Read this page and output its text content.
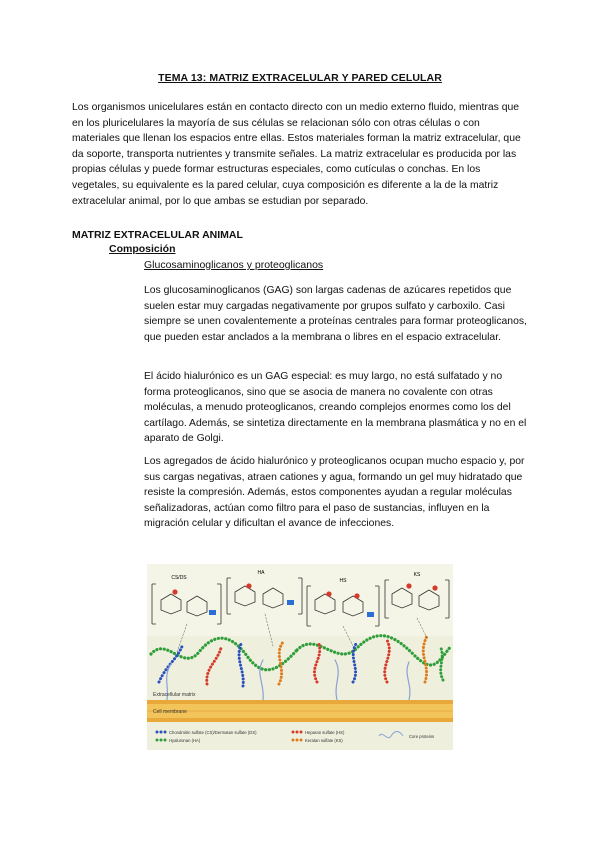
TEMA 13: MATRIZ EXTRACELULAR Y PARED CELULAR

Los organismos unicelulares están en contacto directo con un medio externo fluido, mientras que en los pluricelulares la mayoría de sus células se relacionan sólo con otras células o con materiales que llenan los espacios entre ellas. Estos materiales forman la matriz extracelular, que da soporte, transporta nutrientes y transmite señales. La matriz extracelular es producida por las propias células y puede formar estructuras especiales, como cutículas o conchas. En los vegetales, su equivalente es la pared celular, cuya composición es diferente a la de la matriz extracelular animal, por lo que ambas se estudian por separado.

MATRIZ EXTRACELULAR ANIMAL
Composición
Glucosaminoglicanos y proteoglicanos

Los glucosaminoglicanos (GAG) son largas cadenas de azúcares repetidos que suelen estar muy cargadas negativamente por grupos sulfato y carboxilo. Casi siempre se unen covalentemente a proteínas centrales para formar proteoglicanos, que pueden estar anclados a la membrana o libres en el espacio extracelular.

El ácido hialurónico es un GAG especial: es muy largo, no está sulfatado y no forma proteoglicanos, sino que se asocia de manera no covalente con otras moléculas, a menudo proteoglicanos, creando complejos enormes como los del cartílago. Además, se sintetiza directamente en la membrana plasmática y no en el aparato de Golgi.

Los agregados de ácido hialurónico y proteoglicanos ocupan mucho espacio y, por sus cargas negativas, atraen cationes y agua, formando un gel muy hidratado que resiste la compresión. Además, estos componentes ayudan a regular moléculas señalizadoras, actúan como filtro para el paso de sustancias, influyen en la migración celular y dificultan el avance de infecciones.

CS/DS
HA
HS
KS
Extracellular matrix
Cell membrane
Chondroitin sulfate (CS)/Dermatan sulfate (DS)
Hyaluronan (HA)
Heparan sulfate (HS)
Keratan sulfate (KS)
Core proteins
